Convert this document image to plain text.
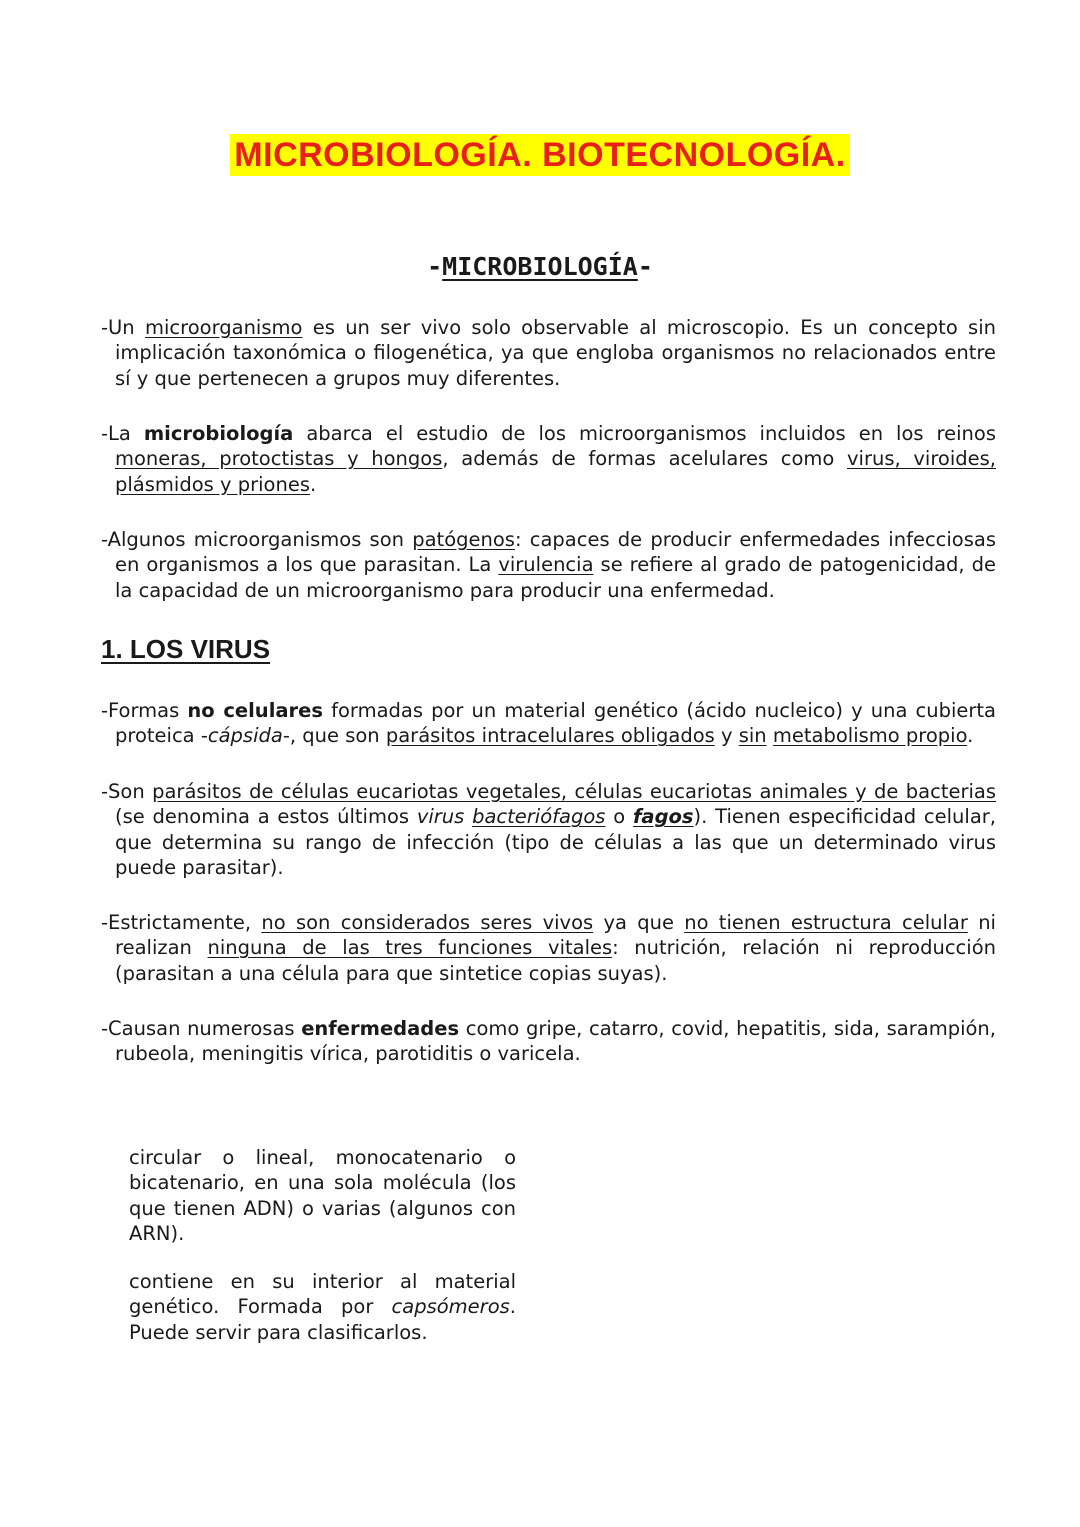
MICROBIOLOGÍA. BIOTECNOLOGÍA.
-MICROBIOLOGÍA-
-Un microorganismo es un ser vivo solo observable al microscopio. Es un concepto sin implicación taxonómica o filogenética, ya que engloba organismos no relacionados entre sí y que pertenecen a grupos muy diferentes.
-La microbiología abarca el estudio de los microorganismos incluidos en los reinos moneras, protoctistas y hongos, además de formas acelulares como virus, viroides, plásmidos y priones.
-Algunos microorganismos son patógenos: capaces de producir enfermedades infecciosas en organismos a los que parasitan. La virulencia se refiere al grado de patogenicidad, de la capacidad de un microorganismo para producir una enfermedad.
1. LOS VIRUS
-Formas no celulares formadas por un material genético (ácido nucleico) y una cubierta proteica -cápsida-, que son parásitos intracelulares obligados y sin metabolismo propio.
-Son parásitos de células eucariotas vegetales, células eucariotas animales y de bacterias (se denomina a estos últimos virus bacteriófagos o fagos). Tienen especificidad celular, que determina su rango de infección (tipo de células a las que un determinado virus puede parasitar).
-Estrictamente, no son considerados seres vivos ya que no tienen estructura celular ni realizan ninguna de las tres funciones vitales: nutrición, relación ni reproducción (parasitan a una célula para que sintetice copias suyas).
-Causan numerosas enfermedades como gripe, catarro, covid, hepatitis, sida, sarampión, rubeola, meningitis vírica, parotiditis o varicela.
circular o lineal, monocatenario o bicatenario, en una sola molécula (los que tienen ADN) o varias (algunos con ARN).
contiene en su interior al material genético. Formada por capsómeros. Puede servir para clasificarlos.
